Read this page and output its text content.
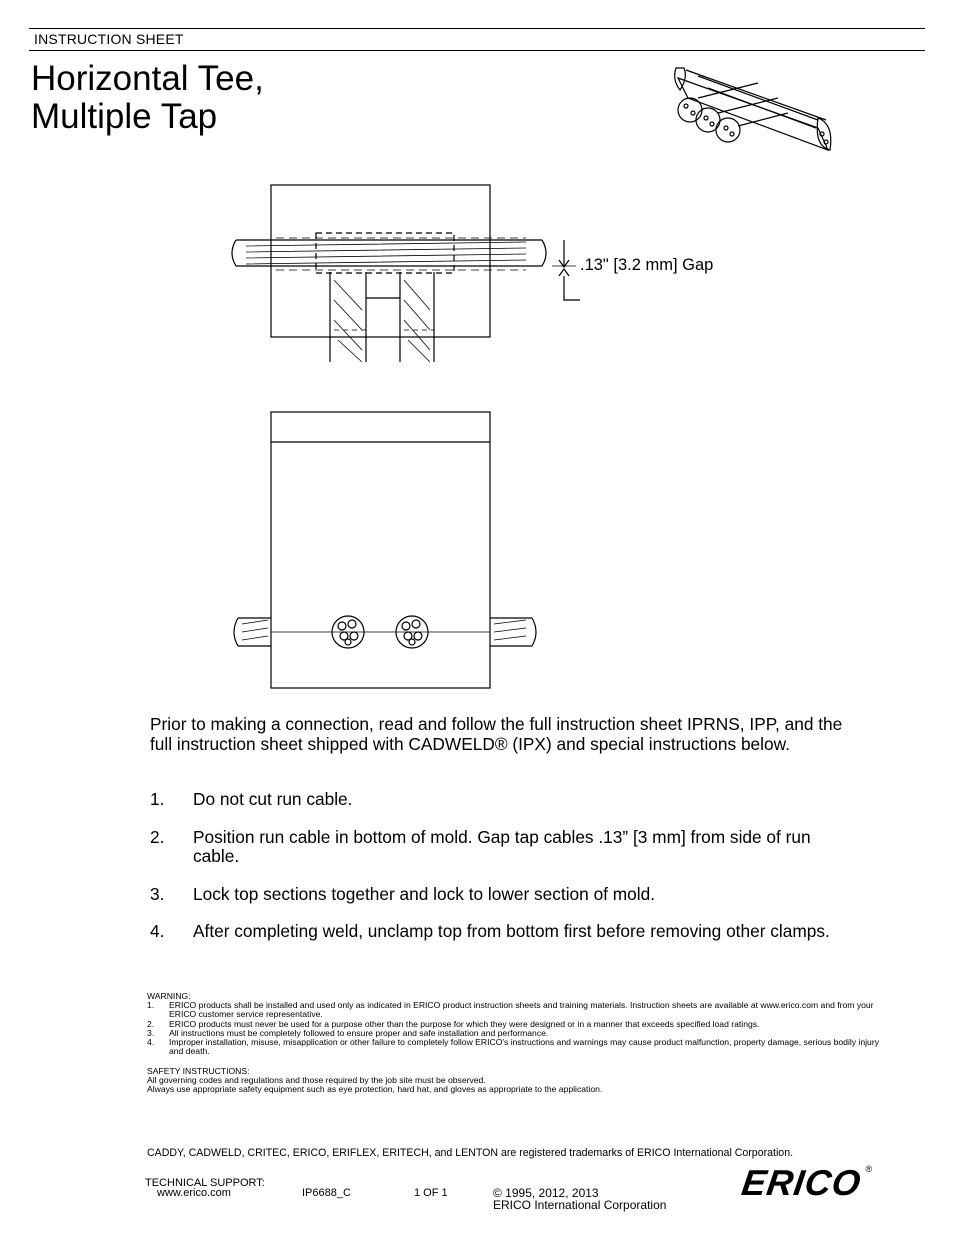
INSTRUCTION SHEET
Horizontal Tee,
Multiple Tap
.13" [3.2 mm] Gap
Prior to making a connection, read and follow the full instruction sheet IPRNS, IPP, and the full instruction sheet shipped with CADWELD® (IPX) and special instructions below.
1. Do not cut run cable.
2. Position run cable in bottom of mold. Gap tap cables .13” [3 mm] from side of run cable.
3. Lock top sections together and lock to lower section of mold.
4. After completing weld, unclamp top from bottom first before removing other clamps.
WARNING:
1. ERICO products shall be installed and used only as indicated in ERICO product instruction sheets and training materials. Instruction sheets are available at www.erico.com and from your ERICO customer service representative.
2. ERICO products must never be used for a purpose other than the purpose for which they were designed or in a manner that exceeds specified load ratings.
3. All instructions must be completely followed to ensure proper and safe installation and performance.
4. Improper installation, misuse, misapplication or other failure to completely follow ERICO's instructions and warnings may cause product malfunction, property damage, serious bodily injury and death.
SAFETY INSTRUCTIONS:
All governing codes and regulations and those required by the job site must be observed.
Always use appropriate safety equipment such as eye protection, hard hat, and gloves as appropriate to the application.
CADDY, CADWELD, CRITEC, ERICO, ERIFLEX, ERITECH, and LENTON are registered trademarks of ERICO International Corporation.
TECHNICAL SUPPORT:
www.erico.com	IP6688_C	1 OF 1	© 1995, 2012, 2013
ERICO International Corporation
ERICO ®
